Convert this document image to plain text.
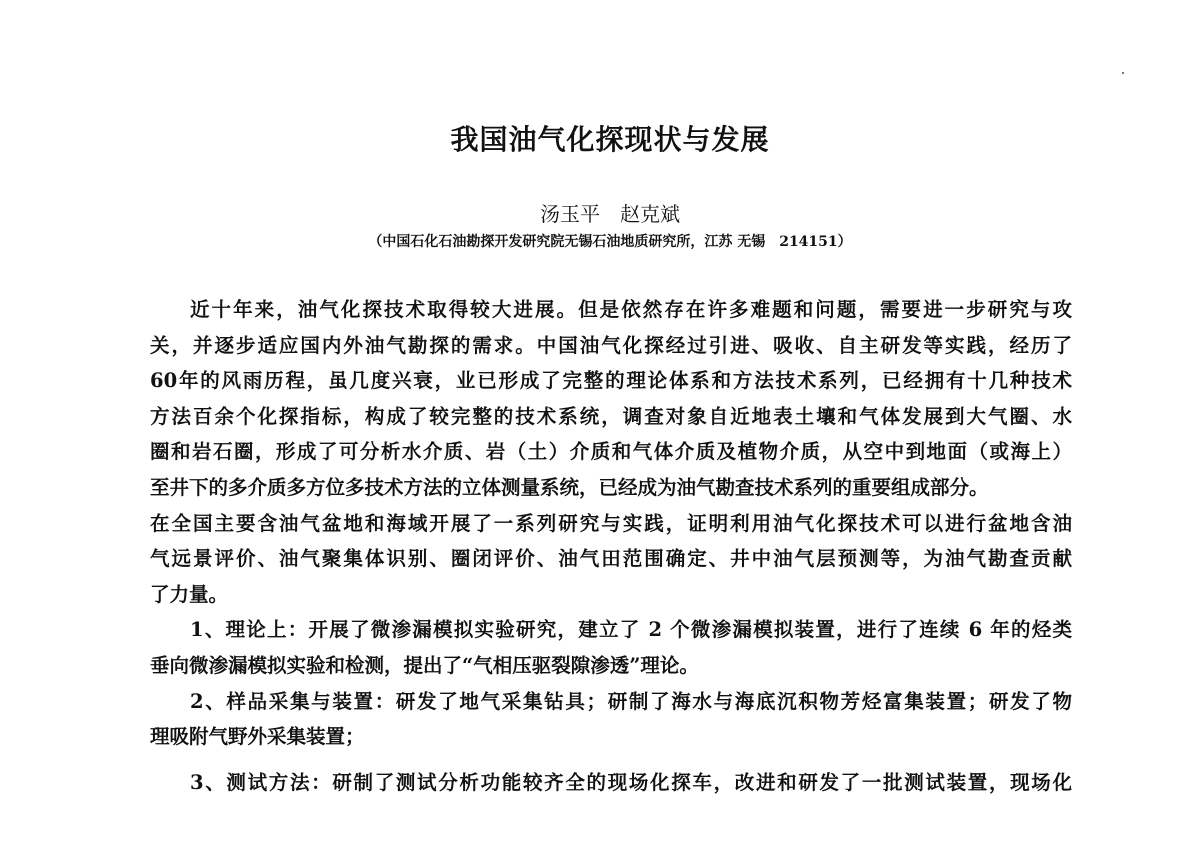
我国油气化探现状与发展
汤玉平　赵克斌
（中国石化石油勘探开发研究院无锡石油地质研究所，江苏 无锡　214151）
近十年来，油气化探技术取得较大进展。但是依然存在许多难题和问题，需要进一步研究与攻
关，并逐步适应国内外油气勘探的需求。中国油气化探经过引进、吸收、自主研发等实践，经历了
60年的风雨历程，虽几度兴衰，业已形成了完整的理论体系和方法技术系列，已经拥有十几种技术
方法百余个化探指标，构成了较完整的技术系统，调查对象自近地表土壤和气体发展到大气圈、水
圈和岩石圈，形成了可分析水介质、岩（土）介质和气体介质及植物介质，从空中到地面（或海上）
至井下的多介质多方位多技术方法的立体测量系统，已经成为油气勘查技术系列的重要组成部分。
在全国主要含油气盆地和海域开展了一系列研究与实践，证明利用油气化探技术可以进行盆地含油
气远景评价、油气聚集体识别、圈闭评价、油气田范围确定、井中油气层预测等，为油气勘查贡献
了力量。
1、理论上：开展了微渗漏模拟实验研究，建立了 2 个微渗漏模拟装置，进行了连续 6 年的烃类
垂向微渗漏模拟实验和检测，提出了“气相压驱裂隙渗透”理论。
2、样品采集与装置：研发了地气采集钻具；研制了海水与海底沉积物芳烃富集装置；研发了物
理吸附气野外采集装置；
3、测试方法：研制了测试分析功能较齐全的现场化探车，改进和研发了一批测试装置，现场化
